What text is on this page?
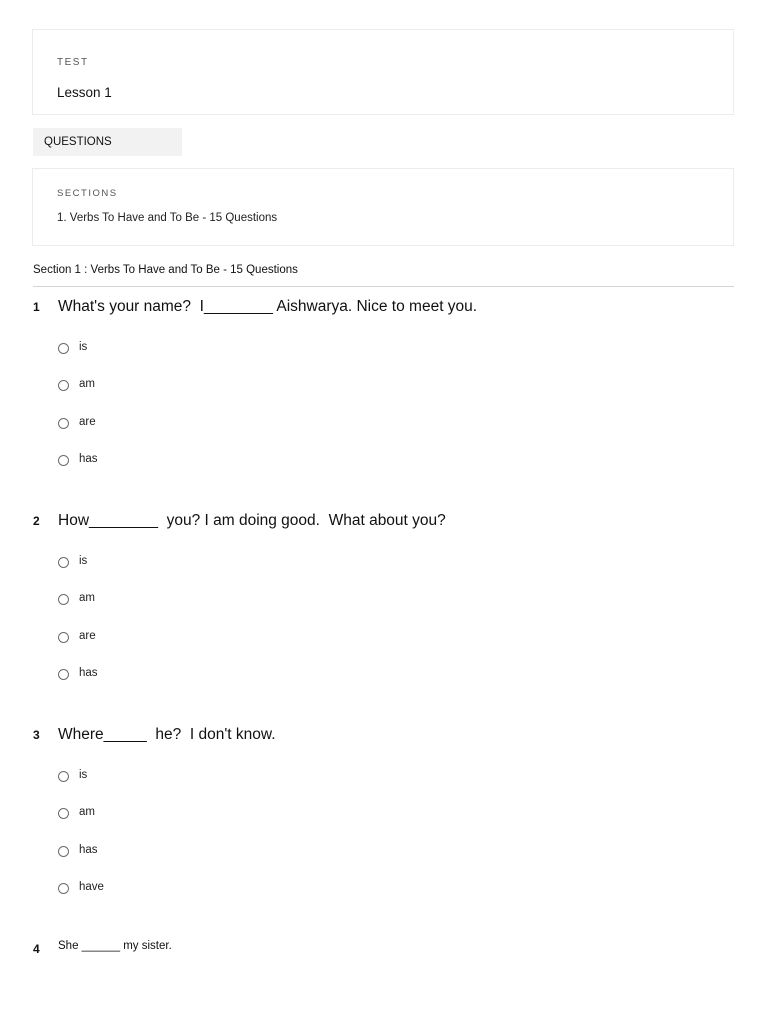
TEST
Lesson 1
QUESTIONS
SECTIONS
1. Verbs To Have and To Be - 15 Questions
Section 1 : Verbs To Have and To Be - 15 Questions
1 What's your name?  I________ Aishwarya. Nice to meet you.
is
am
are
has
2 How________  you? I am doing good.  What about you?
is
am
are
has
3 Where_____  he?  I don't know.
is
am
has
have
4 She ______ my sister.
